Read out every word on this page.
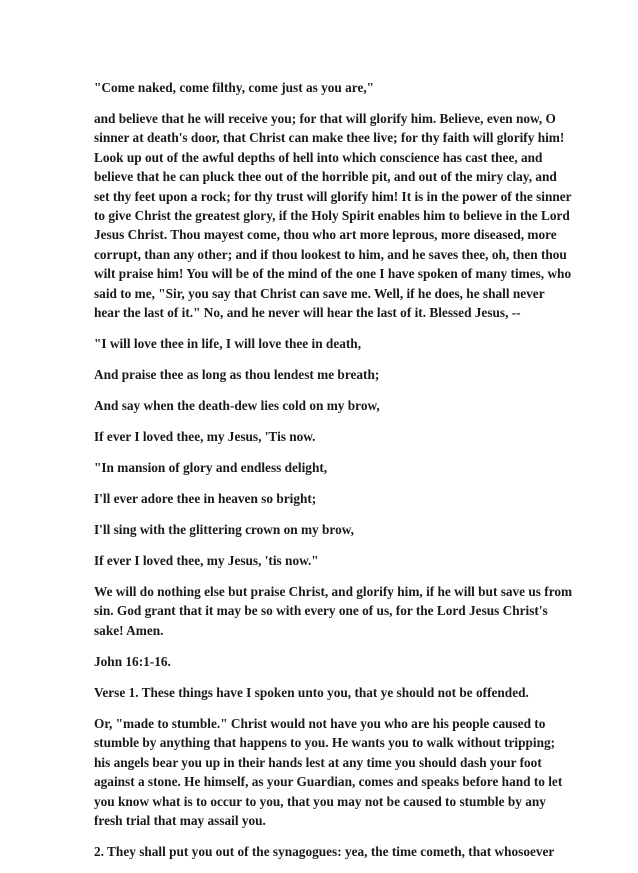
"Come naked, come filthy, come just as you are,"

and believe that he will receive you; for that will glorify him. Believe, even now, O
sinner at death's door, that Christ can make thee live; for thy faith will glorify him!
Look up out of the awful depths of hell into which conscience has cast thee, and
believe that he can pluck thee out of the horrible pit, and out of the miry clay, and
set thy feet upon a rock; for thy trust will glorify him! It is in the power of the sinner
to give Christ the greatest glory, if the Holy Spirit enables him to believe in the Lord
Jesus Christ. Thou mayest come, thou who art more leprous, more diseased, more
corrupt, than any other; and if thou lookest to him, and he saves thee, oh, then thou
wilt praise him! You will be of the mind of the one I have spoken of many times, who
said to me, "Sir, you say that Christ can save me. Well, if he does, he shall never
hear the last of it." No, and he never will hear the last of it. Blessed Jesus, --

"I will love thee in life, I will love thee in death,

And praise thee as long as thou lendest me breath;

And say when the death-dew lies cold on my brow,

If ever I loved thee, my Jesus, 'Tis now.

"In mansion of glory and endless delight,

I'll ever adore thee in heaven so bright;

I'll sing with the glittering crown on my brow,

If ever I loved thee, my Jesus, 'tis now."

We will do nothing else but praise Christ, and glorify him, if he will but save us from
sin. God grant that it may be so with every one of us, for the Lord Jesus Christ's
sake! Amen.

John 16:1-16.

Verse 1. These things have I spoken unto you, that ye should not be offended.

Or, "made to stumble." Christ would not have you who are his people caused to
stumble by anything that happens to you. He wants you to walk without tripping;
his angels bear you up in their hands lest at any time you should dash your foot
against a stone. He himself, as your Guardian, comes and speaks before hand to let
you know what is to occur to you, that you may not be caused to stumble by any
fresh trial that may assail you.

2. They shall put you out of the synagogues: yea, the time cometh, that whosoever
